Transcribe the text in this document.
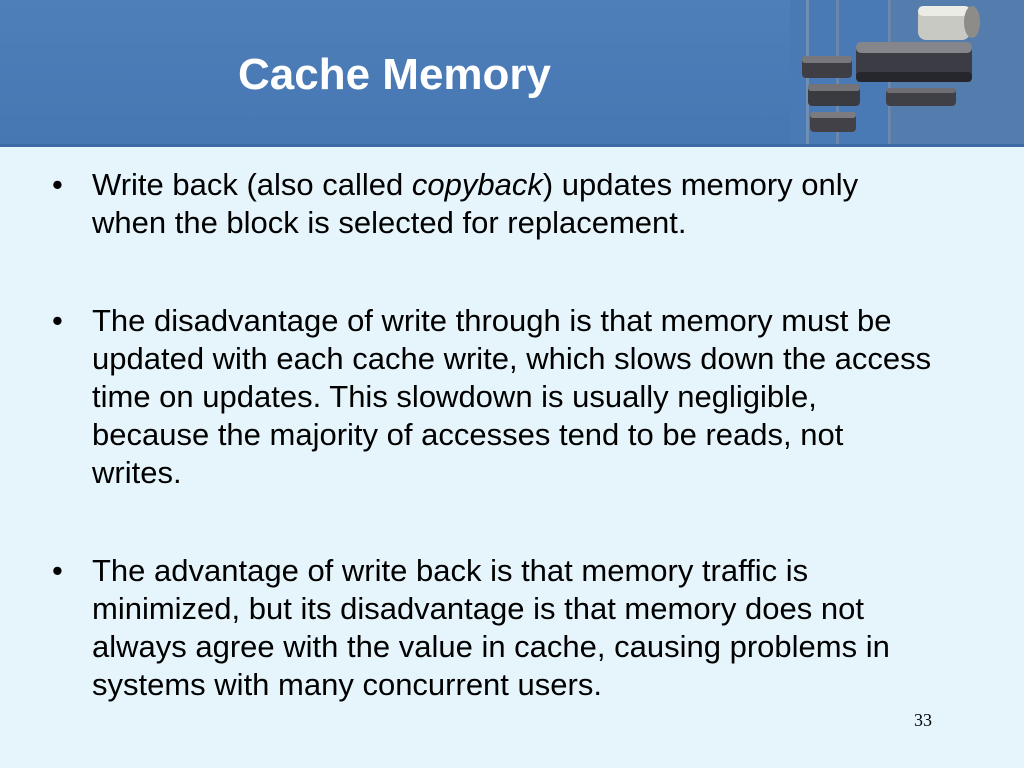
Cache Memory
• Write back (also called copyback) updates memory only when the block is selected for replacement.
• The disadvantage of write through is that memory must be updated with each cache write, which slows down the access time on updates. This slowdown is usually negligible, because the majority of accesses tend to be reads, not writes.
• The advantage of write back is that memory traffic is minimized, but its disadvantage is that memory does not always agree with the value in cache, causing problems in systems with many concurrent users.
33
